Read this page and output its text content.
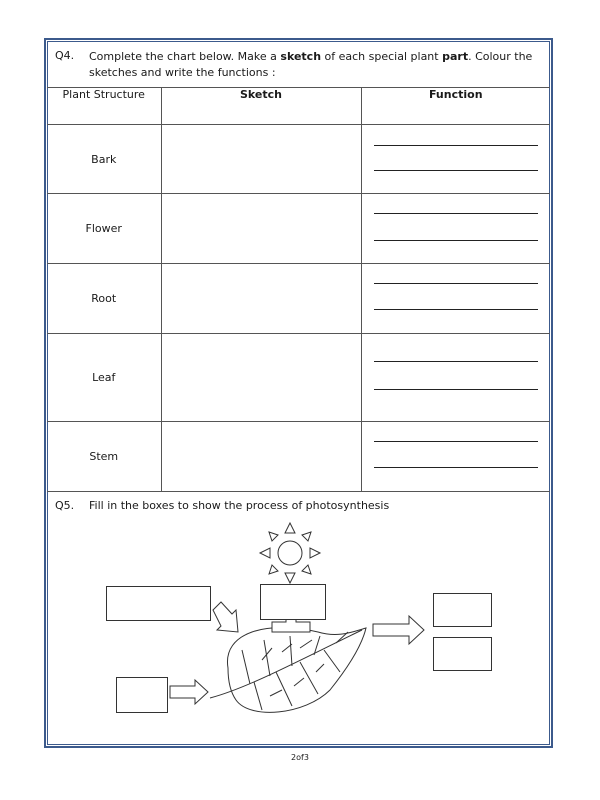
Q4. Complete the chart below. Make a sketch of each special plant part. Colour the sketches and write the functions :
Plant Structure	Sketch	Function
Bark		

Flower		

Root		

Leaf		

Stem		
Q5. Fill in the boxes to show the process of photosynthesis
2of3
